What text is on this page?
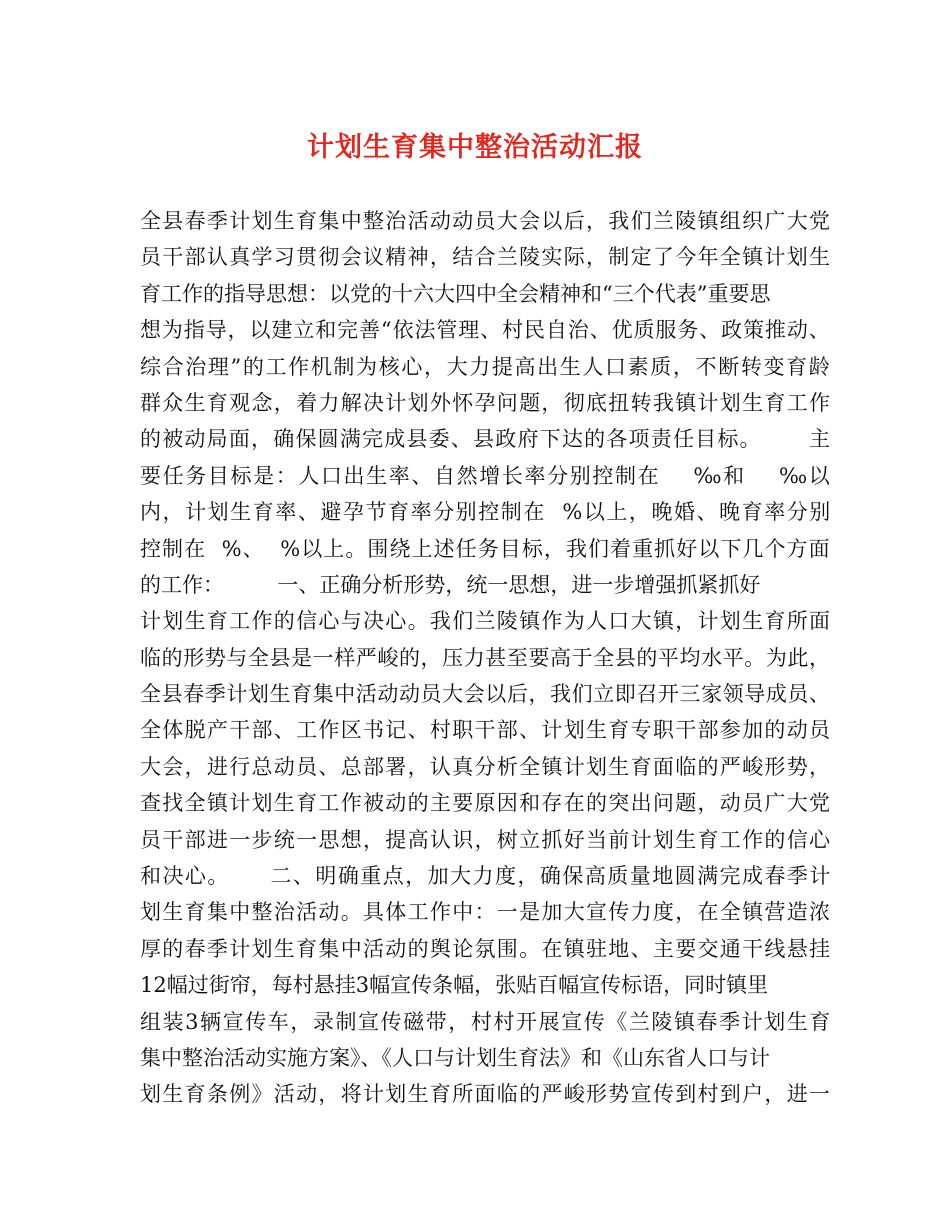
计划生育集中整治活动汇报
全县春季计划生育集中整治活动动员大会以后，我们兰陵镇组织广大党
员干部认真学习贯彻会议精神，结合兰陵实际，制定了今年全镇计划生
育工作的指导思想：以党的十六大四中全会精神和“三个代表”重要思
想为指导，以建立和完善“依法管理、村民自治、优质服务、政策推动、
综合治理”的工作机制为核心，大力提高出生人口素质，不断转变育龄
群众生育观念，着力解决计划外怀孕问题，彻底扭转我镇计划生育工作
的被动局面，确保圆满完成县委、县政府下达的各项责任目标。      主
要任务目标是：人口出生率、自然增长率分别控制在    ‰和    ‰以
内，计划生育率、避孕节育率分别控制在  %以上，晚婚、晚育率分别
控制在  %、  %以上。围绕上述任务目标，我们着重抓好以下几个方面
的工作：        一、正确分析形势，统一思想，进一步增强抓紧抓好
计划生育工作的信心与决心。我们兰陵镇作为人口大镇，计划生育所面
临的形势与全县是一样严峻的，压力甚至要高于全县的平均水平。为此，
全县春季计划生育集中活动动员大会以后，我们立即召开三家领导成员、
全体脱产干部、工作区书记、村职干部、计划生育专职干部参加的动员
大会，进行总动员、总部署，认真分析全镇计划生育面临的严峻形势，
查找全镇计划生育工作被动的主要原因和存在的突出问题，动员广大党
员干部进一步统一思想，提高认识，树立抓好当前计划生育工作的信心
和决心。     二、明确重点，加大力度，确保高质量地圆满完成春季计
划生育集中整治活动。具体工作中：一是加大宣传力度，在全镇营造浓
厚的春季计划生育集中活动的舆论氛围。在镇驻地、主要交通干线悬挂
12幅过街帘，每村悬挂3幅宣传条幅，张贴百幅宣传标语，同时镇里
组装3辆宣传车，录制宣传磁带，村村开展宣传《兰陵镇春季计划生育
集中整治活动实施方案》、《人口与计划生育法》和《山东省人口与计
划生育条例》活动，将计划生育所面临的严峻形势宣传到村到户，进一
